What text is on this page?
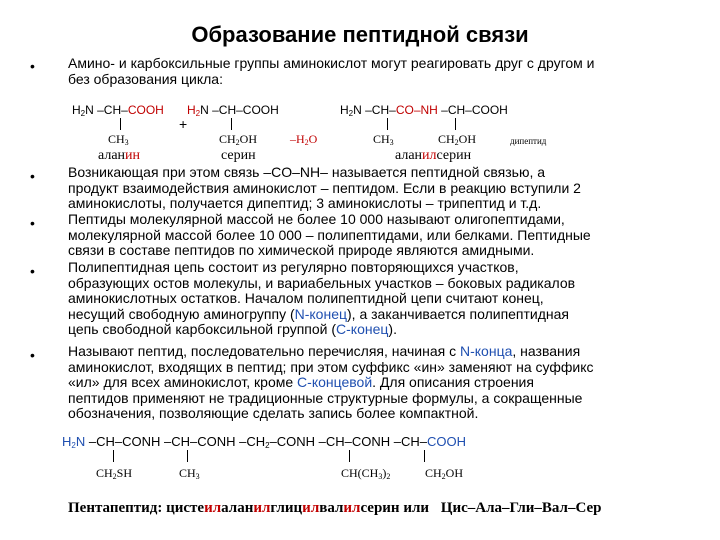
Образование пептидной связи
• Амино- и карбоксильные группы аминокислот могут реагировать друг с другом и
без образования цикла:
$H_2N$ –CH–COOH
$CH_3$
аланин
+
$H_2N$ –CH–COOH
$CH_2OH$
серин
$-H_2O$
$H_2N$ –CH–CO–NH –CH–COOH
$CH_3$	$CH_2OH$	дипептид
аланилсерин
• Возникающая при этом связь –CO–NH– называется пептидной связью, а
продукт взаимодействия аминокислот – пептидом. Если в реакцию вступили 2
аминокислоты, получается дипептид; 3 аминокислоты – трипептид и т.д.
• Пептиды молекулярной массой не более 10 000 называют олигопептидами,
молекулярной массой более 10 000 – полипептидами, или белками. Пептидные
связи в составе пептидов по химической природе являются амидными.
• Полипептидная цепь состоит из регулярно повторяющихся участков,
образующих остов молекулы, и вариабельных участков – боковых радикалов
аминокислотных остатков. Началом полипептидной цепи считают конец,
несущий свободную аминогруппу (N-конец), а заканчивается полипептидная
цепь свободной карбоксильной группой (C-конец).
• Называют пептид, последовательно перечисляя, начиная с N-конца, названия
аминокислот, входящих в пептид; при этом суффикс «ин» заменяют на суффикс
«ил» для всех аминокислот, кроме C-концевой. Для описания строения
пептидов применяют не традиционные структурные формулы, а сокращенные
обозначения, позволяющие сделать запись более компактной.
$H_2N$ –CH–CONH –CH–CONH $-CH_2$–CONH –CH–CONH –CH–COOH
$CH_2SH$	$CH_3$	$CH(CH_3)_2$	$CH_2OH$
Пентапептид: цистеилаланилглицилвалилсерин или Цис–Ала–Гли–Вал–Сер
